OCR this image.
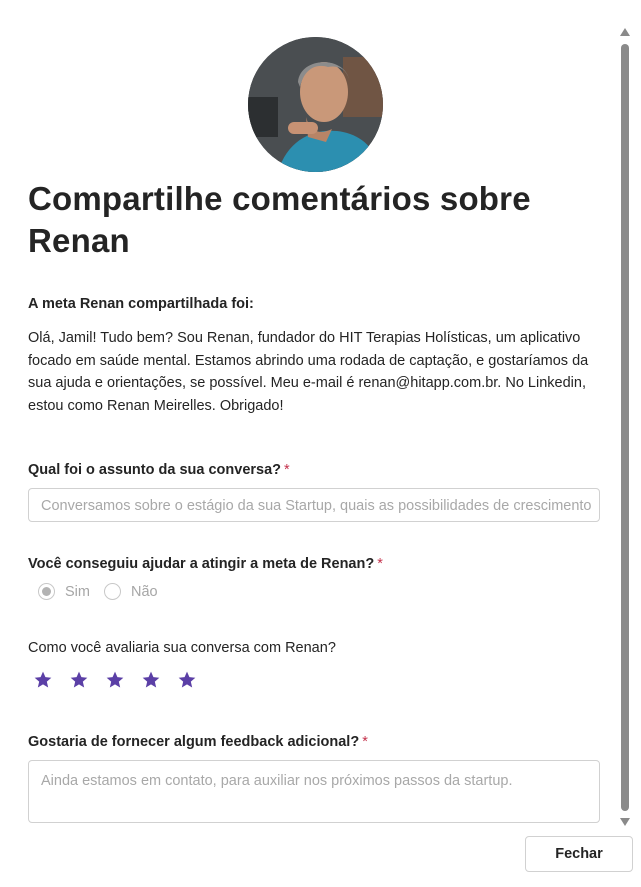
Compartilhe comentários sobre Renan
A meta Renan compartilhada foi:
Olá, Jamil! Tudo bem? Sou Renan, fundador do HIT Terapias Holísticas, um aplicativo focado em saúde mental. Estamos abrindo uma rodada de captação, e gostaríamos da sua ajuda e orientações, se possível. Meu e-mail é renan@hitapp.com.br. No Linkedin, estou como Renan Meirelles. Obrigado!
Qual foi o assunto da sua conversa? *
Conversamos sobre o estágio da sua Startup, quais as possibilidades de crescimento
Você conseguiu ajudar a atingir a meta de Renan? *
Sim	Não
Como você avaliaria sua conversa com Renan?
Gostaria de fornecer algum feedback adicional? *
Ainda estamos em contato, para auxiliar nos próximos passos da startup.
Fechar
